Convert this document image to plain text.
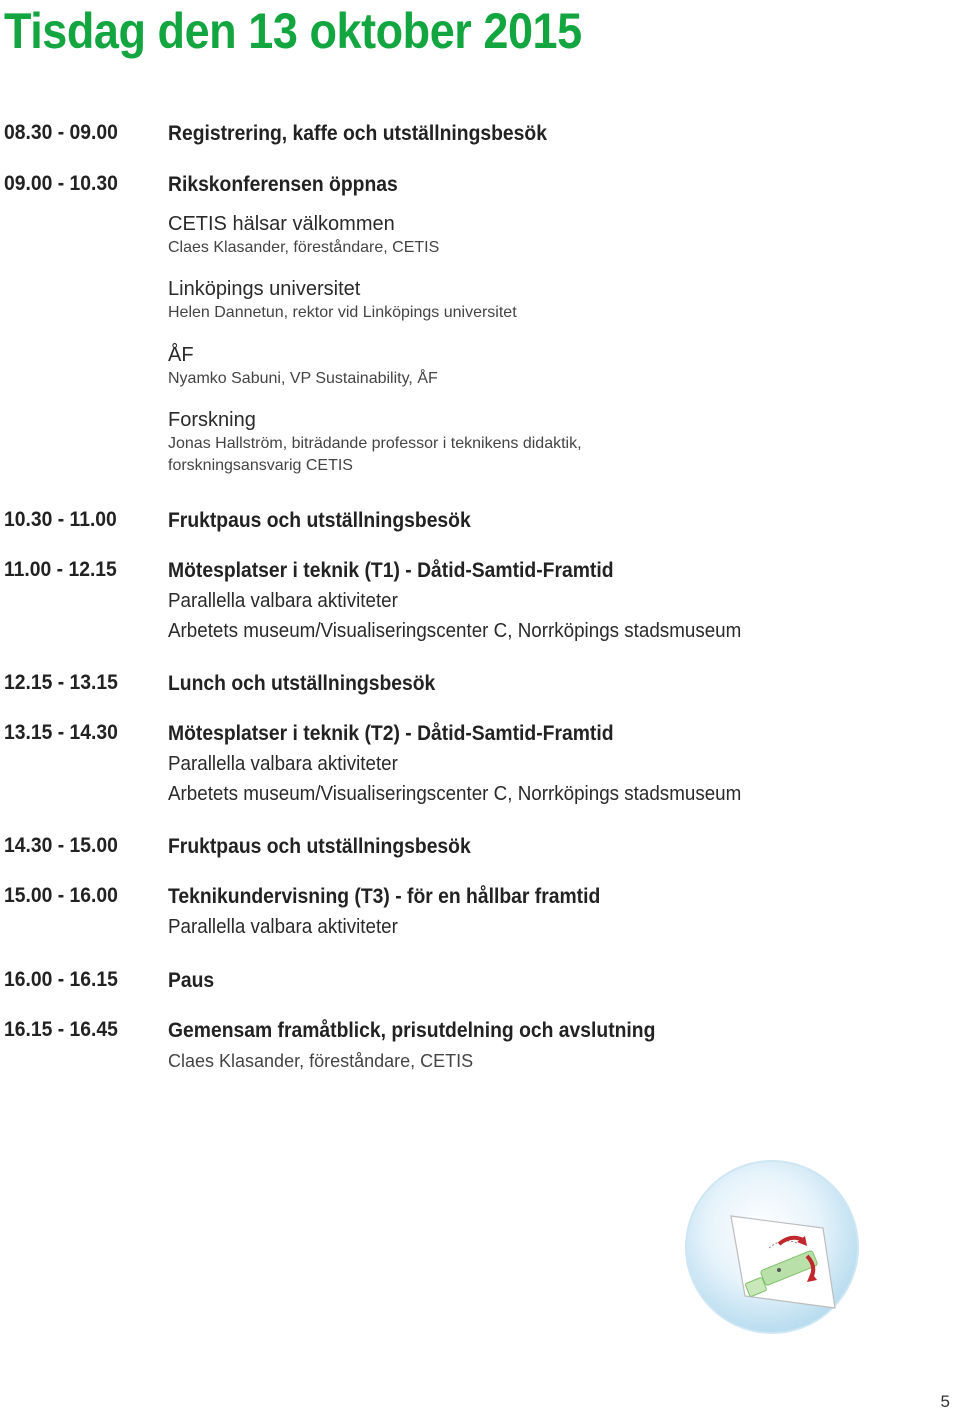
Tisdag den 13 oktober 2015
08.30 - 09.00 Registrering, kaffe och utställningsbesök
09.00 - 10.30 Rikskonferensen öppnas
CETIS hälsar välkommen
Claes Klasander, föreståndare, CETIS
Linköpings universitet
Helen Dannetun, rektor vid Linköpings universitet
ÅF
Nyamko Sabuni, VP Sustainability, ÅF
Forskning
Jonas Hallström, biträdande professor i teknikens didaktik,
forskningsansvarig CETIS
10.30 - 11.00 Fruktpaus och utställningsbesök
11.00 - 12.15 Mötesplatser i teknik (T1) - Dåtid-Samtid-Framtid
Parallella valbara aktiviteter
Arbetets museum/Visualiseringscenter C, Norrköpings stadsmuseum
12.15 - 13.15 Lunch och utställningsbesök
13.15 - 14.30 Mötesplatser i teknik (T2) - Dåtid-Samtid-Framtid
Parallella valbara aktiviteter
Arbetets museum/Visualiseringscenter C, Norrköpings stadsmuseum
14.30 - 15.00 Fruktpaus och utställningsbesök
15.00 - 16.00 Teknikundervisning (T3) - för en hållbar framtid
Parallella valbara aktiviteter
16.00 - 16.15 Paus
16.15 - 16.45 Gemensam framåtblick, prisutdelning och avslutning
Claes Klasander, föreståndare, CETIS
5
